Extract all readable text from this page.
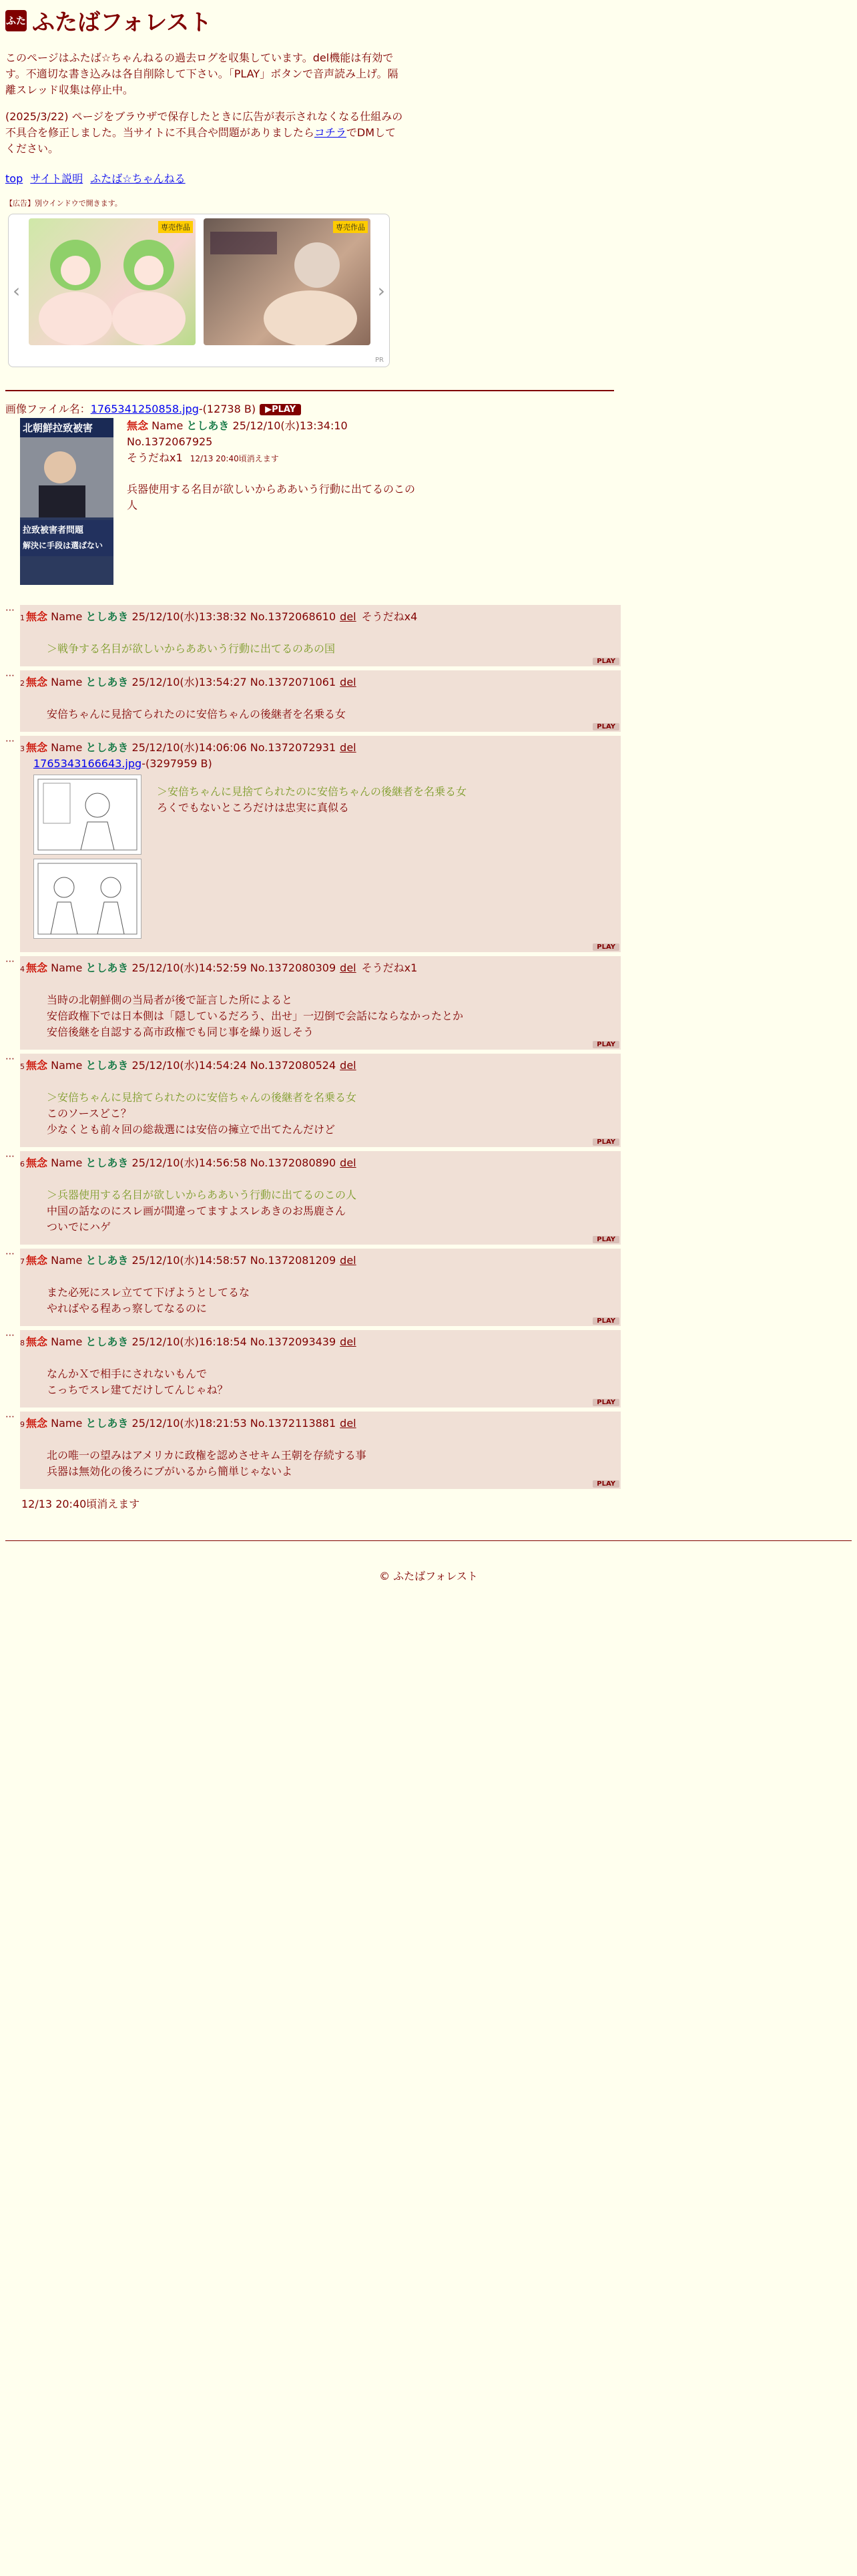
ふた ふたばフォレスト

このページはふたば☆ちゃんねるの過去ログを収集しています。del機能は有効です。不適切な書き込みは各自削除して下さい。「PLAY」ボタンで音声読み上げ。隔離スレッド収集は停止中。

(2025/3/22) ページをブラウザで保存したときに広告が表示されなくなる仕組みの不具合を修正しました。当サイトに不具合や問題がありましたらコチラでDMしてください。

top サイト説明 ふたば☆ちゃんねる
【広告】別ウインドウで開きます。
‹
専売作品	専売作品
›
PR
画像ファイル名：1765341250858.jpg-(12738 B) ▶PLAY
北朝鮮拉致被害
拉致被害者問題
解決に手段は選ばない
無念 Name としあき 25/12/10(水)13:34:10 No.1372067925
そうだねx1 12/13 20:40頃消えます
兵器使用する名目が欲しいからああいう行動に出てるのこの人
⋯
1 無念 Name としあき 25/12/10(水)13:38:32 No.1372068610 del そうだねx4
＞戦争する名目が欲しいからああいう行動に出てるのあの国
PLAY
⋯
2 無念 Name としあき 25/12/10(水)13:54:27 No.1372071061 del
安倍ちゃんに見捨てられたのに安倍ちゃんの後継者を名乗る女
PLAY
⋯
3 無念 Name としあき 25/12/10(水)14:06:06 No.1372072931 del
1765343166643.jpg-(3297959 B)
＞安倍ちゃんに見捨てられたのに安倍ちゃんの後継者を名乗る女
ろくでもないところだけは忠実に真似る
PLAY
⋯
4 無念 Name としあき 25/12/10(水)14:52:59 No.1372080309 del そうだねx1
当時の北朝鮮側の当局者が後で証言した所によると
安倍政権下では日本側は「隠しているだろう、出せ」一辺倒で会話にならなかったとか
安倍後継を自認する高市政権でも同じ事を繰り返しそう
PLAY
⋯
5 無念 Name としあき 25/12/10(水)14:54:24 No.1372080524 del
＞安倍ちゃんに見捨てられたのに安倍ちゃんの後継者を名乗る女
このソースどこ？
少なくとも前々回の総裁選には安倍の擁立で出てたんだけど
PLAY
⋯
6 無念 Name としあき 25/12/10(水)14:56:58 No.1372080890 del
＞兵器使用する名目が欲しいからああいう行動に出てるのこの人
中国の話なのにスレ画が間違ってますよスレあきのお馬鹿さん
ついでにハゲ
PLAY
⋯
7 無念 Name としあき 25/12/10(水)14:58:57 No.1372081209 del
また必死にスレ立てて下げようとしてるな
やればやる程あっ察してなるのに
PLAY
⋯
8 無念 Name としあき 25/12/10(水)16:18:54 No.1372093439 del
なんかＸで相手にされないもんで
こっちでスレ建てだけしてんじゃね？
PLAY
⋯
9 無念 Name としあき 25/12/10(水)18:21:53 No.1372113881 del
北の唯一の望みはアメリカに政権を認めさせキム王朝を存続する事
兵器は無効化の後ろにブがいるから簡単じゃないよ
PLAY
12/13 20:40頃消えます
© ふたばフォレスト
